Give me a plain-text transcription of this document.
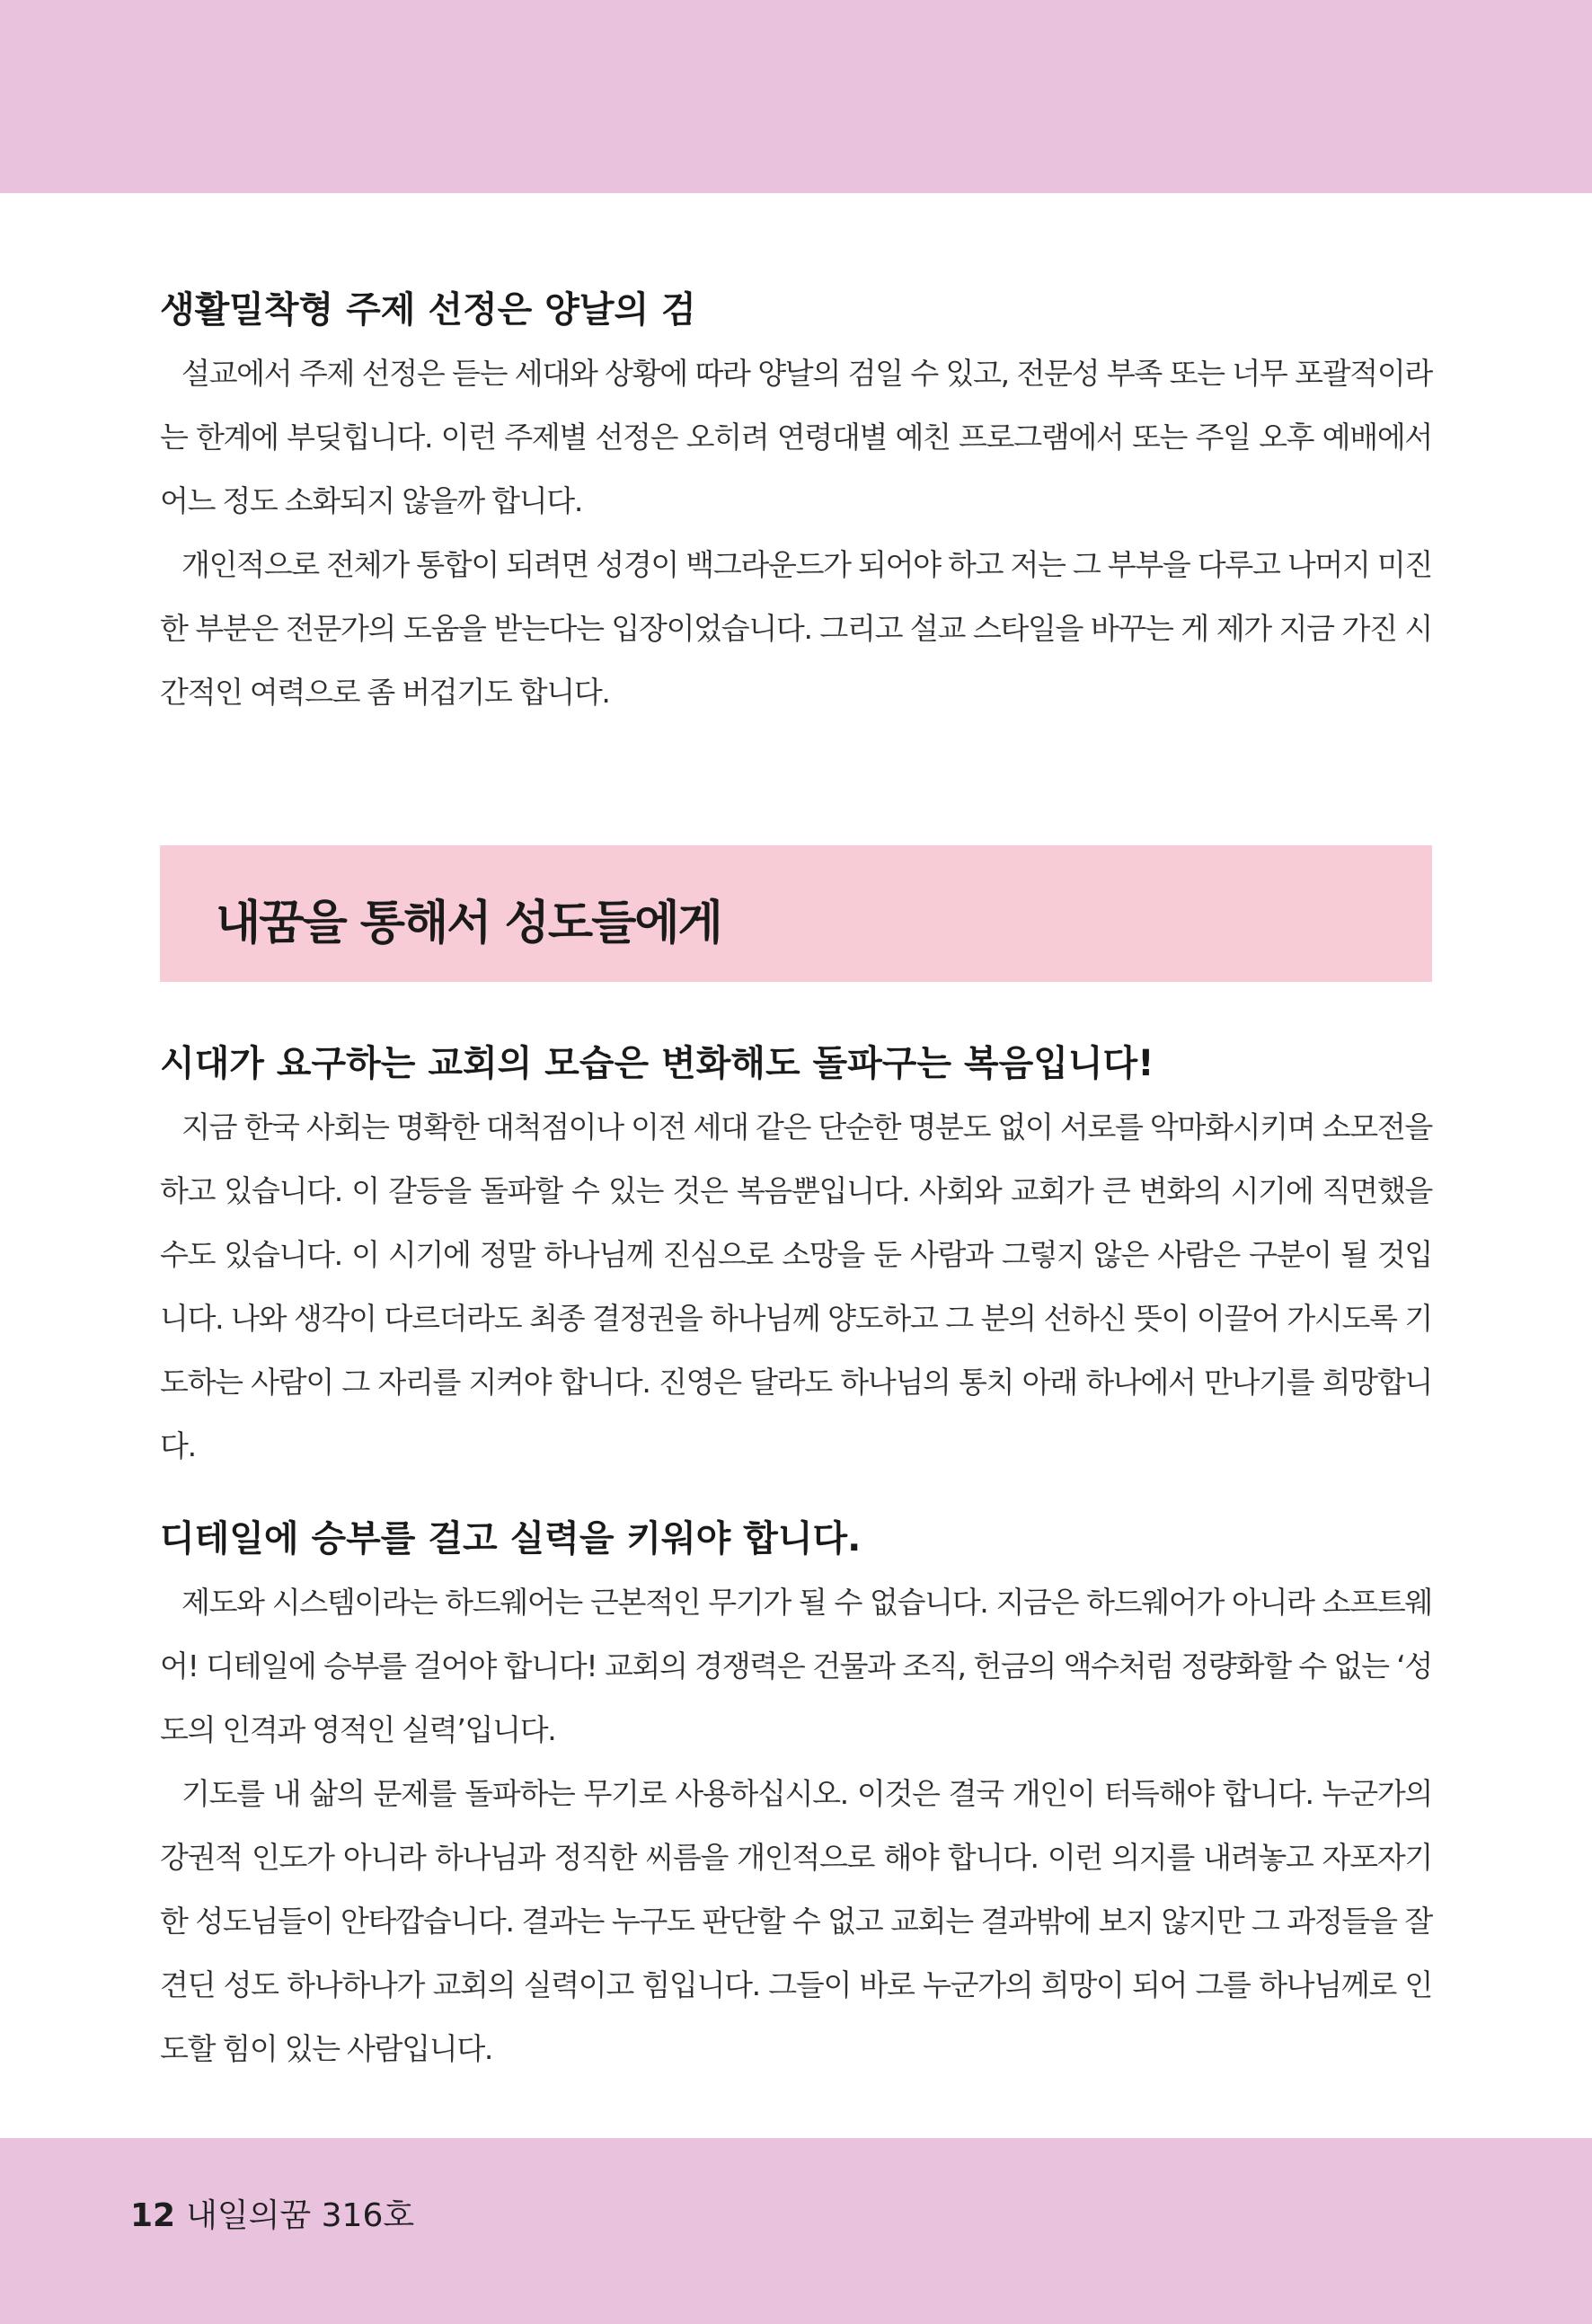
생활밀착형 주제 선정은 양날의 검

설교에서 주제 선정은 듣는 세대와 상황에 따라 양날의 검일 수 있고, 전문성 부족 또는 너무 포괄적이라는 한계에 부딪힙니다. 이런 주제별 선정은 오히려 연령대별 예친 프로그램에서 또는 주일 오후 예배에서 어느 정도 소화되지 않을까 합니다.

개인적으로 전체가 통합이 되려면 성경이 백그라운드가 되어야 하고 저는 그 부부을 다루고 나머지 미진한 부분은 전문가의 도움을 받는다는 입장이었습니다. 그리고 설교 스타일을 바꾸는 게 제가 지금 가진 시간적인 여력으로 좀 버겁기도 합니다.

내꿈을 통해서 성도들에게
시대가 요구하는 교회의 모습은 변화해도 돌파구는 복음입니다!

지금 한국 사회는 명확한 대척점이나 이전 세대 같은 단순한 명분도 없이 서로를 악마화시키며 소모전을 하고 있습니다. 이 갈등을 돌파할 수 있는 것은 복음뿐입니다. 사회와 교회가 큰 변화의 시기에 직면했을 수도 있습니다. 이 시기에 정말 하나님께 진심으로 소망을 둔 사람과 그렇지 않은 사람은 구분이 될 것입니다. 나와 생각이 다르더라도 최종 결정권을 하나님께 양도하고 그 분의 선하신 뜻이 이끌어 가시도록 기도하는 사람이 그 자리를 지켜야 합니다. 진영은 달라도 하나님의 통치 아래 하나에서 만나기를 희망합니다.

디테일에 승부를 걸고 실력을 키워야 합니다.

제도와 시스템이라는 하드웨어는 근본적인 무기가 될 수 없습니다. 지금은 하드웨어가 아니라 소프트웨어! 디테일에 승부를 걸어야 합니다! 교회의 경쟁력은 건물과 조직, 헌금의 액수처럼 정량화할 수 없는 ‘성도의 인격과 영적인 실력’입니다.

기도를 내 삶의 문제를 돌파하는 무기로 사용하십시오. 이것은 결국 개인이 터득해야 합니다. 누군가의 강권적 인도가 아니라 하나님과 정직한 씨름을 개인적으로 해야 합니다. 이런 의지를 내려놓고 자포자기한 성도님들이 안타깝습니다. 결과는 누구도 판단할 수 없고 교회는 결과밖에 보지 않지만 그 과정들을 잘 견딘 성도 하나하나가 교회의 실력이고 힘입니다. 그들이 바로 누군가의 희망이 되어 그를 하나님께로 인도할 힘이 있는 사람입니다.

12 내일의꿈 316호
